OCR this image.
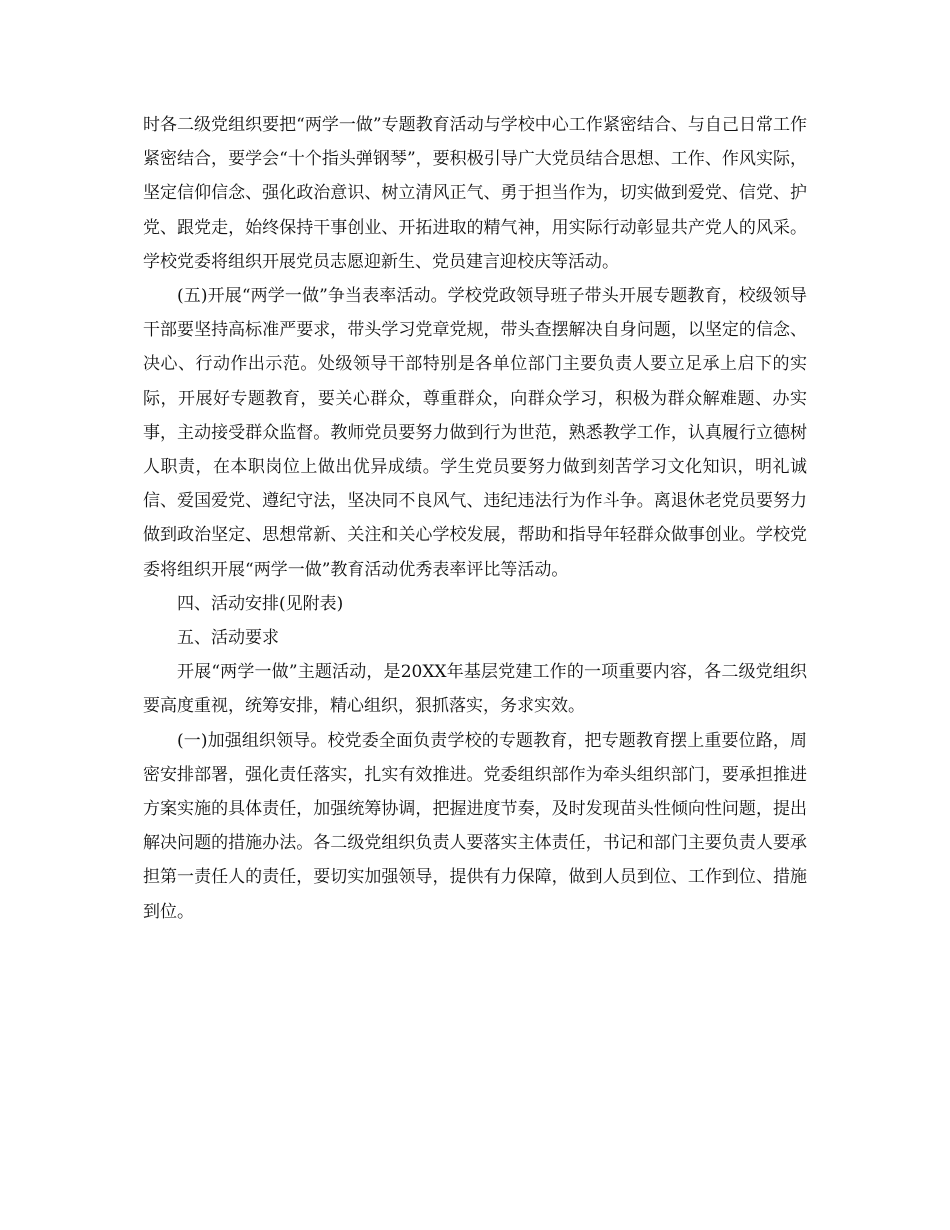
时各二级党组织要把“两学一做”专题教育活动与学校中心工作紧密结合、与自己日常工作紧密结合，要学会“十个指头弹钢琴”，要积极引导广大党员结合思想、工作、作风实际，坚定信仰信念、强化政治意识、树立清风正气、勇于担当作为，切实做到爱党、信党、护党、跟党走，始终保持干事创业、开拓进取的精气神，用实际行动彰显共产党人的风采。学校党委将组织开展党员志愿迎新生、党员建言迎校庆等活动。

(五)开展“两学一做”争当表率活动。学校党政领导班子带头开展专题教育，校级领导干部要坚持高标准严要求，带头学习党章党规，带头查摆解决自身问题，以坚定的信念、决心、行动作出示范。处级领导干部特别是各单位部门主要负责人要立足承上启下的实际，开展好专题教育，要关心群众，尊重群众，向群众学习，积极为群众解难题、办实事，主动接受群众监督。教师党员要努力做到行为世范，熟悉教学工作，认真履行立德树人职责，在本职岗位上做出优异成绩。学生党员要努力做到刻苦学习文化知识，明礼诚信、爱国爱党、遵纪守法，坚决同不良风气、违纪违法行为作斗争。离退休老党员要努力做到政治坚定、思想常新、关注和关心学校发展，帮助和指导年轻群众做事创业。学校党委将组织开展“两学一做”教育活动优秀表率评比等活动。

四、活动安排(见附表)

五、活动要求

开展“两学一做”主题活动，是20XX年基层党建工作的一项重要内容，各二级党组织要高度重视，统筹安排，精心组织，狠抓落实，务求实效。

(一)加强组织领导。校党委全面负责学校的专题教育，把专题教育摆上重要位路，周密安排部署，强化责任落实，扎实有效推进。党委组织部作为牵头组织部门，要承担推进方案实施的具体责任，加强统筹协调，把握进度节奏，及时发现苗头性倾向性问题，提出解决问题的措施办法。各二级党组织负责人要落实主体责任，书记和部门主要负责人要承担第一责任人的责任，要切实加强领导，提供有力保障，做到人员到位、工作到位、措施到位。
